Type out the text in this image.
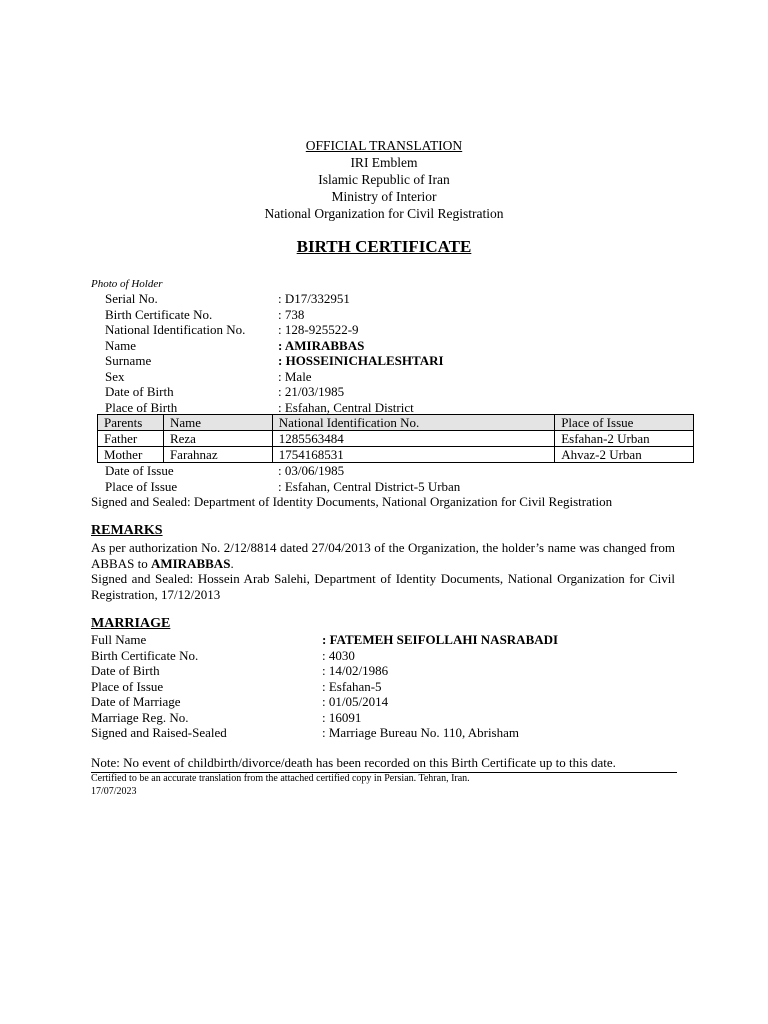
OFFICIAL TRANSLATION
IRI Emblem
Islamic Republic of Iran
Ministry of Interior
National Organization for Civil Registration
BIRTH CERTIFICATE
Photo of Holder
Serial No.	: D17/332951
Birth Certificate No.	: 738
National Identification No.	: 128-925522-9
Name	: AMIRABBAS
Surname	: HOSSEINICHALESHTARI
Sex	: Male
Date of Birth	: 21/03/1985
Place of Birth	: Esfahan, Central District
Parents	Name	National Identification No.	Place of Issue
Father	Reza	1285563484	Esfahan-2 Urban
Mother	Farahnaz	1754168531	Ahvaz-2 Urban
Date of Issue	: 03/06/1985
Place of Issue	: Esfahan, Central District-5 Urban
Signed and Sealed: Department of Identity Documents, National Organization for Civil Registration
REMARKS
As per authorization No. 2/12/8814 dated 27/04/2013 of the Organization, the holder’s name was changed from ABBAS to AMIRABBAS.
Signed and Sealed: Hossein Arab Salehi, Department of Identity Documents, National Organization for Civil Registration, 17/12/2013
MARRIAGE
Full Name	: FATEMEH SEIFOLLAHI NASRABADI
Birth Certificate No.	: 4030
Date of Birth	: 14/02/1986
Place of Issue	: Esfahan-5
Date of Marriage	: 01/05/2014
Marriage Reg. No.	: 16091
Signed and Raised-Sealed	: Marriage Bureau No. 110, Abrisham
Note: No event of childbirth/divorce/death has been recorded on this Birth Certificate up to this date.
Certified to be an accurate translation from the attached certified copy in Persian. Tehran, Iran.
17/07/2023
